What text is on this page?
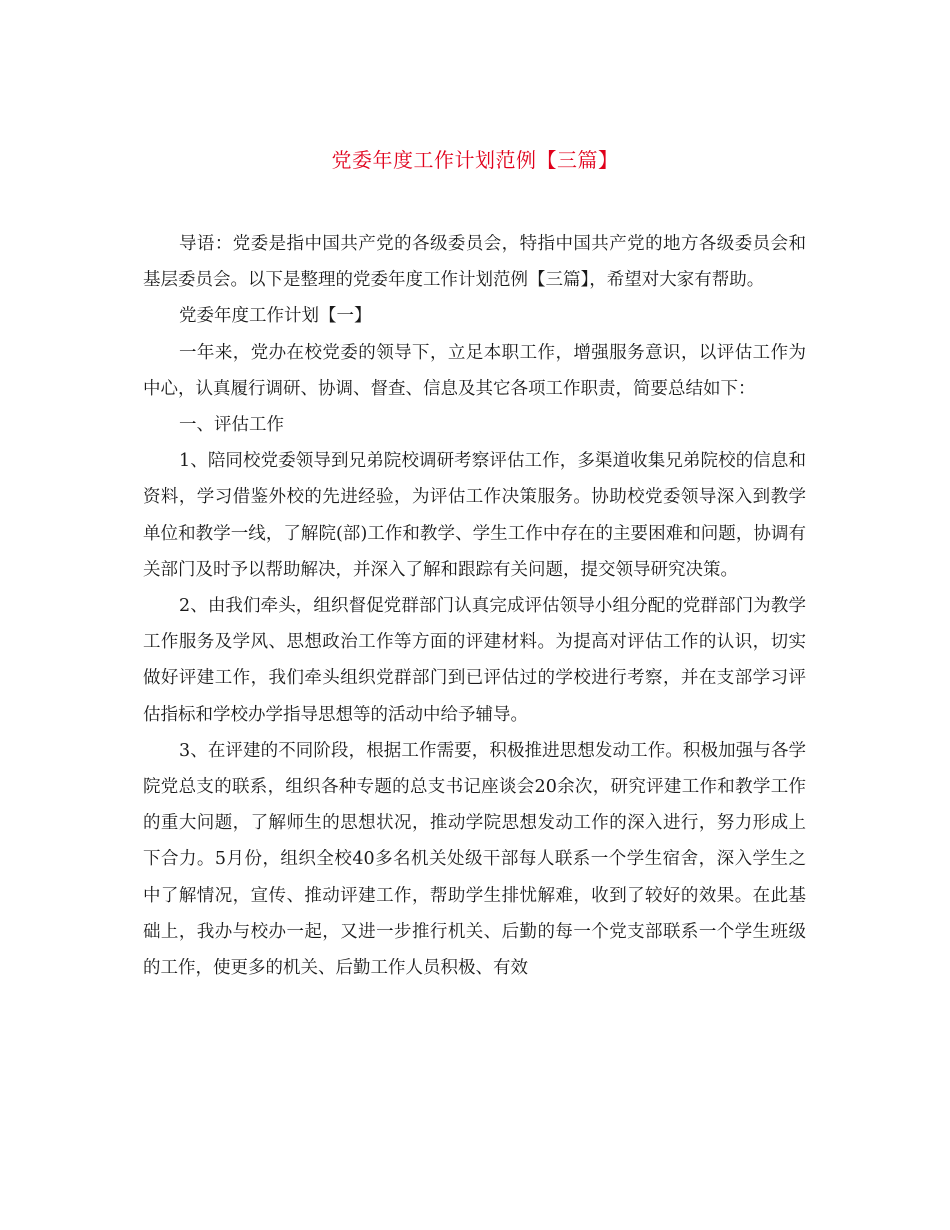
党委年度工作计划范例【三篇】

导语：党委是指中国共产党的各级委员会，特指中国共产党的地方各级委员会和基层委员会。以下是整理的党委年度工作计划范例【三篇】，希望对大家有帮助。

党委年度工作计划【一】

一年来，党办在校党委的领导下，立足本职工作，增强服务意识，以评估工作为中心，认真履行调研、协调、督查、信息及其它各项工作职责，简要总结如下：

一、评估工作

1、陪同校党委领导到兄弟院校调研考察评估工作，多渠道收集兄弟院校的信息和资料，学习借鉴外校的先进经验，为评估工作决策服务。协助校党委领导深入到教学单位和教学一线，了解院(部)工作和教学、学生工作中存在的主要困难和问题，协调有关部门及时予以帮助解决，并深入了解和跟踪有关问题，提交领导研究决策。

2、由我们牵头，组织督促党群部门认真完成评估领导小组分配的党群部门为教学工作服务及学风、思想政治工作等方面的评建材料。为提高对评估工作的认识，切实做好评建工作，我们牵头组织党群部门到已评估过的学校进行考察，并在支部学习评估指标和学校办学指导思想等的活动中给予辅导。

3、在评建的不同阶段，根据工作需要，积极推进思想发动工作。积极加强与各学院党总支的联系，组织各种专题的总支书记座谈会20余次，研究评建工作和教学工作的重大问题，了解师生的思想状况，推动学院思想发动工作的深入进行，努力形成上下合力。5月份，组织全校40多名机关处级干部每人联系一个学生宿舍，深入学生之中了解情况，宣传、推动评建工作，帮助学生排忧解难，收到了较好的效果。在此基础上，我办与校办一起，又进一步推行机关、后勤的每一个党支部联系一个学生班级的工作，使更多的机关、后勤工作人员积极、有效
